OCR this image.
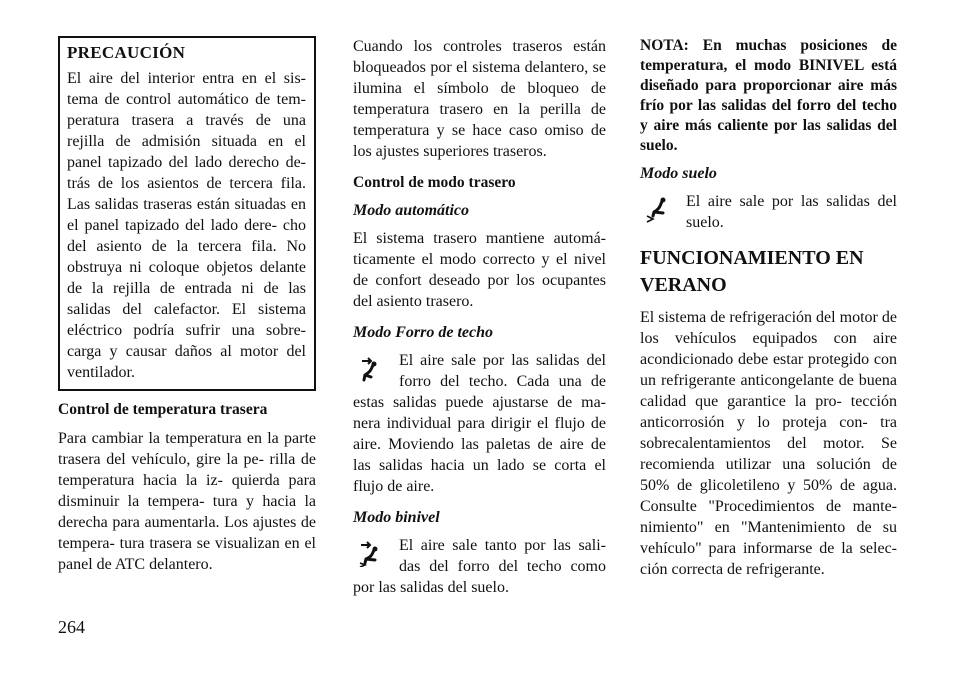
PRECAUCIÓN

El aire del interior entra en el sis- tema de control automático de tem- peratura trasera a través de una rejilla de admisión situada en el panel tapizado del lado derecho de- trás de los asientos de tercera fila. Las salidas traseras están situadas en el panel tapizado del lado dere- cho del asiento de la tercera fila. No obstruya ni coloque objetos delante de la rejilla de entrada ni de las salidas del calefactor. El sistema eléctrico podría sufrir una sobre- carga y causar daños al motor del ventilador.

Control de temperatura trasera

Para cambiar la temperatura en la parte trasera del vehículo, gire la pe- rilla de temperatura hacia la iz- quierda para disminuir la tempera- tura y hacia la derecha para aumentarla. Los ajustes de tempera- tura trasera se visualizan en el panel de ATC delantero.

Cuando los controles traseros están bloqueados por el sistema delantero, se ilumina el símbolo de bloqueo de temperatura trasero en la perilla de temperatura y se hace caso omiso de los ajustes superiores traseros.

Control de modo trasero
Modo automático

El sistema trasero mantiene automá- ticamente el modo correcto y el nivel de confort deseado por los ocupantes del asiento trasero.

Modo Forro de techo

El aire sale por las salidas del forro del techo. Cada una de estas salidas puede ajustarse de ma- nera individual para dirigir el flujo de aire. Moviendo las paletas de aire de las salidas hacia un lado se corta el flujo de aire.

Modo binivel

El aire sale tanto por las sali- das del forro del techo como por las salidas del suelo.

NOTA: En muchas posiciones de temperatura, el modo BINIVEL está diseñado para proporcionar aire más frío por las salidas del forro del techo y aire más caliente por las salidas del suelo.
Modo suelo

El aire sale por las salidas del suelo.

FUNCIONAMIENTO EN VERANO

El sistema de refrigeración del motor de los vehículos equipados con aire acondicionado debe estar protegido con un refrigerante anticongelante de buena calidad que garantice la pro- tección anticorrosión y lo proteja con- tra sobrecalentamientos del motor. Se recomienda utilizar una solución de 50% de glicoletileno y 50% de agua. Consulte "Procedimientos de mante- nimiento" en "Mantenimiento de su vehículo" para informarse de la selec- ción correcta de refrigerante.

264
